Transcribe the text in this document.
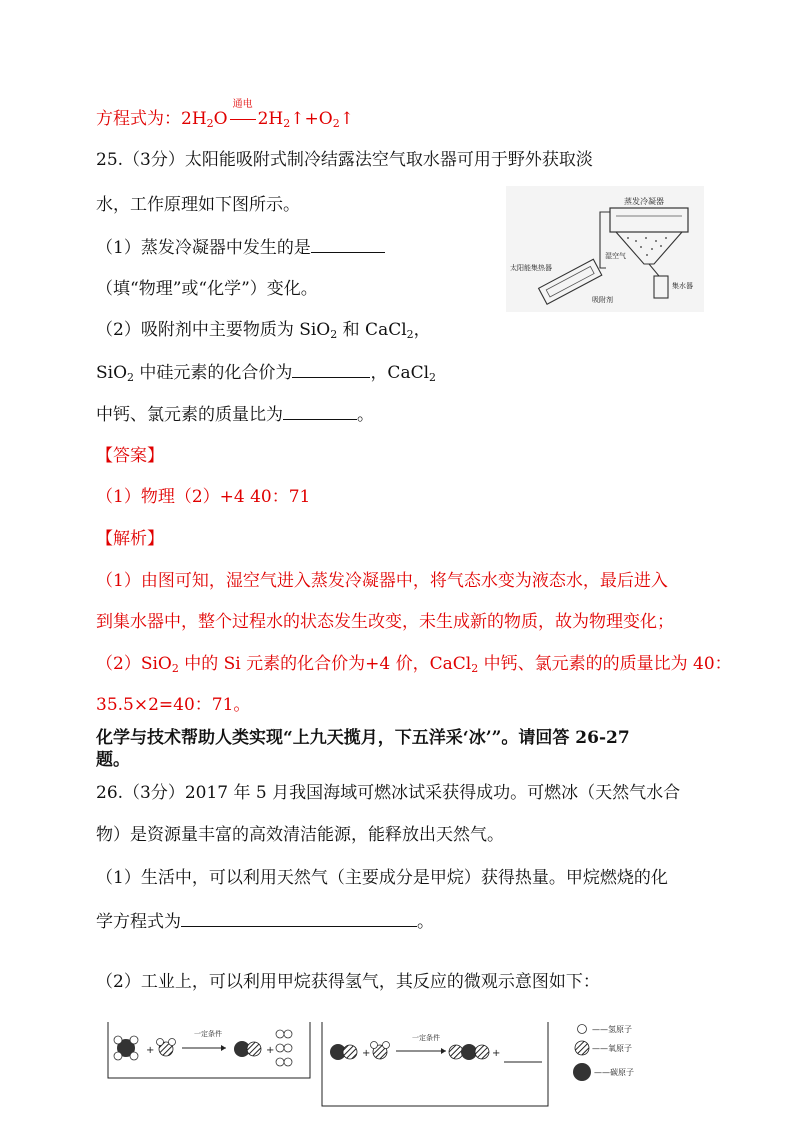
方程式为：$2H_2O$
通电
$2H_2↑+O_2↑$
25.（3分）太阳能吸附式制冷结露法空气取水器可用于野外获取淡
水，工作原理如下图所示。
（1）蒸发冷凝器中发生的是
（填“物理”或“化学”）变化。
（2）吸附剂中主要物质为 SiO$_2$ 和 CaCl$_2$，
SiO$_2$ 中硅元素的化合价为	，CaCl$_2$
中钙、氯元素的质量比为	。
蒸发冷凝器
太阳能集热器
湿空气
吸附剂
集水器
【答案】
（1）物理（2）+4 40：71
【解析】
（1）由图可知，湿空气进入蒸发冷凝器中，将气态水变为液态水，最后进入
到集水器中，整个过程水的状态发生改变，未生成新的物质，故为物理变化；
（2）SiO$_2$ 中的 Si 元素的化合价为+4 价，CaCl$_2$ 中钙、氯元素的的质量比为 40：
35.5×2=40：71。
化学与技术帮助人类实现“上九天揽月，下五洋采‘冰’”。请回答 26-27
题。
26.（3分）2017 年 5 月我国海域可燃冰试采获得成功。可燃冰（天然气水合
物）是资源量丰富的高效清洁能源，能释放出天然气。
（1）生活中，可以利用天然气（主要成分是甲烷）获得热量。甲烷燃烧的化
学方程式为	。
（2）工业上，可以利用甲烷获得氢气，其反应的微观示意图如下：
+
一定条件
+	+
一定条件
+
——氢原子
——氧原子
——碳原子
